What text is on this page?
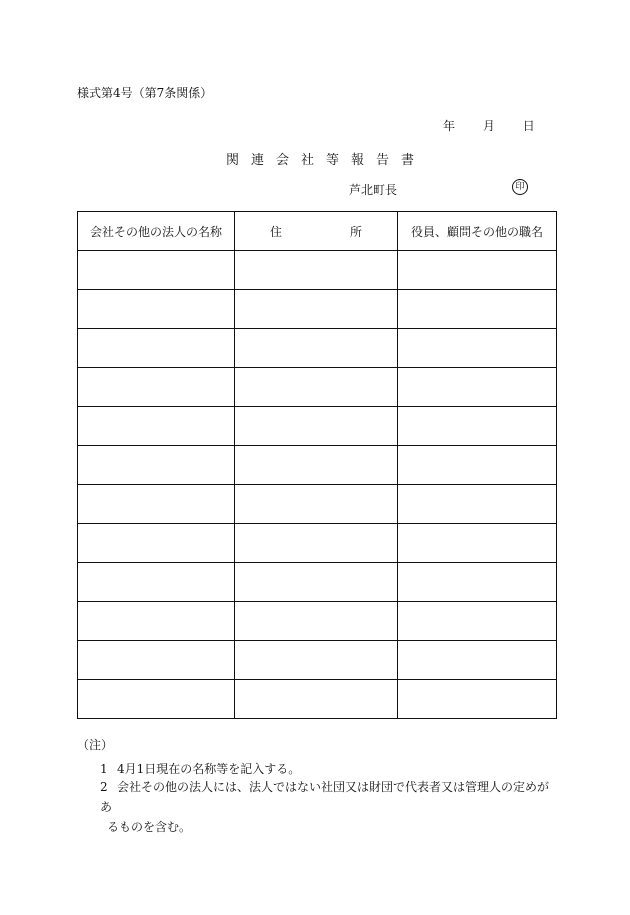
様式第4号（第7条関係）
年 月 日
関連会社等報告書
芦北町長	印
会社その他の法人の名称	住 所	役員、顧問その他の職名

（注）
1 4月1日現在の名称等を記入する。
2 会社その他の法人には、法人ではない社団又は財団で代表者又は管理人の定めがあ
るものを含む。
